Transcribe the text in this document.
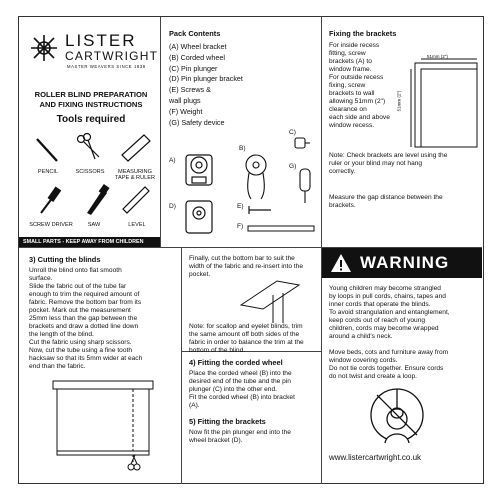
LISTER
CARTWRIGHT
MASTER WEAVERS SINCE 1838
ROLLER BLIND PREPARATION
AND FIXING INSTRUCTIONS
Tools required
PENCIL	SCISSORS	MEASURING TAPE & RULER
SCREW DRIVER	SAW	LEVEL
SMALL PARTS - KEEP AWAY FROM CHILDREN
Pack Contents
(A) Wheel bracket
(B) Corded wheel
(C) Pin plunger
(D) Pin plunger bracket
(E) Screws &
wall plugs
(F) Weight
(G) Safety device
A)
B)
C)
G)
D)	E)
F)
Fixing the brackets
For inside recess
fitting, screw
brackets (A) to
window frame.
For outside recess
fixing, screw
brackets to wall
allowing 51mm (2")
clearance on
each side and above
window recess.
51mm (2")
51mm (2")
Note: Check brackets are level using the
ruler or your blind may not hang
correctly.
Measure the gap distance between the
brackets.
3) Cutting the blinds
Unroll the blind onto flat smooth
surface.
Slide the fabric out of the tube far
enough to trim the required amount of
fabric. Remove the bottom bar from its
pocket. Mark out the measurement
25mm less than the gap between the
brackets and draw a dotted line down
the length of the blind.
Cut the fabric using sharp scissors.
Now, cut the tube using a fine tooth
hacksaw so that its 5mm wider at each
end than the fabric.
Finally, cut the bottom bar to suit the
width of the fabric and re-insert into the
pocket.
Note: for scallop and eyelet blinds, trim
the same amount off both sides of the
fabric in order to balance the trim at the
bottom of the blind.
4) Fitting the corded wheel
Place the corded wheel (B) into the
desired end of the tube and the pin
plunger (C) into the other end.
Fit the corded wheel (B) into bracket
(A).
5) Fitting the brackets
Now fit the pin plunger end into the
wheel bracket (D).
WARNING
Young children may become strangled
by loops in pull cords, chains, tapes and
inner cords that operate the blinds.
To avoid strangulation and entanglement,
keep cords out of reach of young
children, cords may become wrapped
around a child's neck.
Move beds, cots and furniture away from
window covering cords.
Do not tie cords together. Ensure cords
do not twist and create a loop.
www.listercartwright.co.uk
